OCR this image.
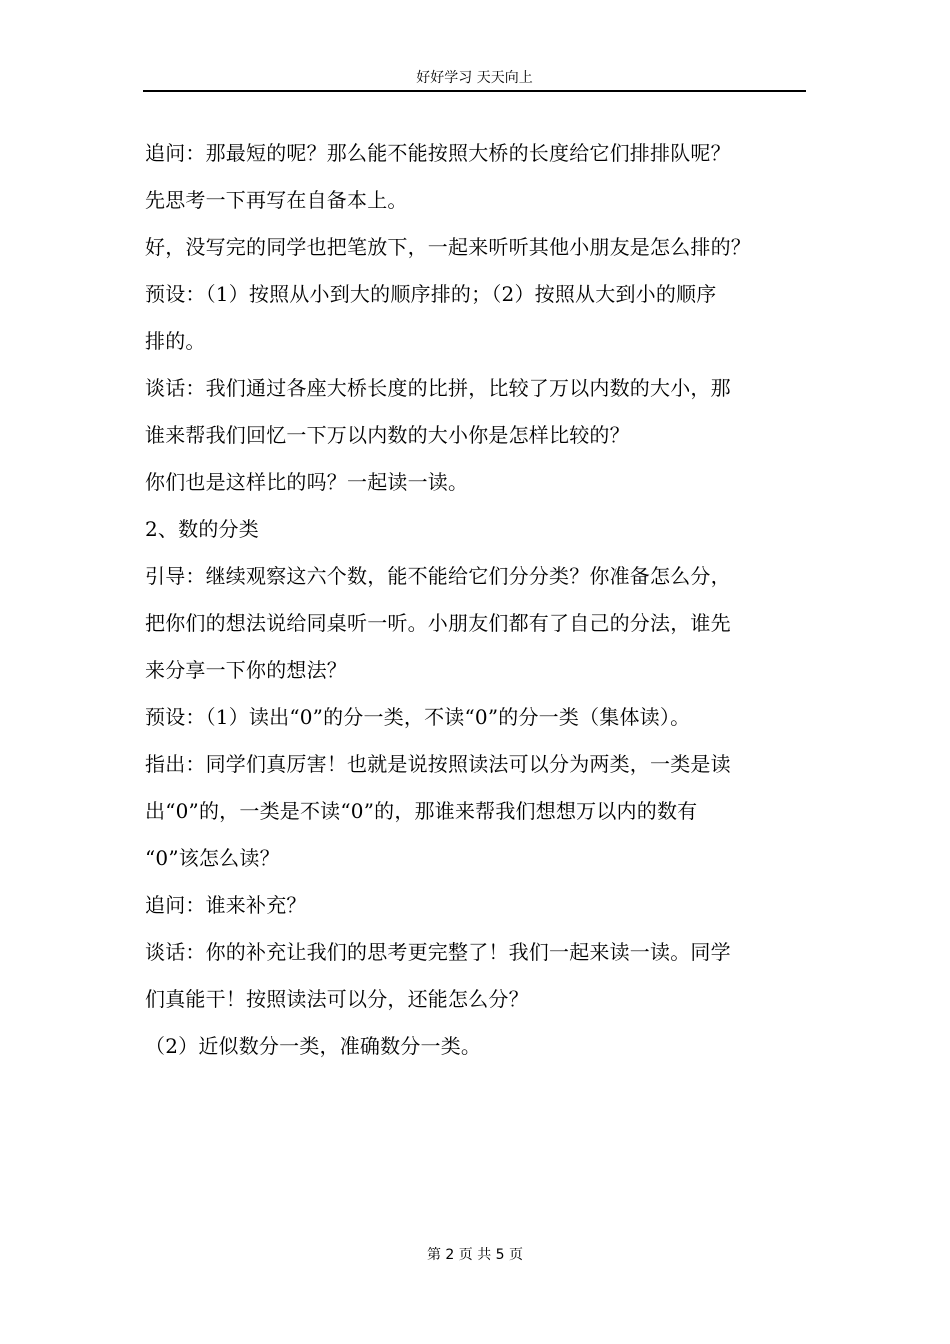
好好学习 天天向上

追问：那最短的呢？那么能不能按照大桥的长度给它们排排队呢？

先思考一下再写在自备本上。

好，没写完的同学也把笔放下，一起来听听其他小朋友是怎么排的？

预设：（1）按照从小到大的顺序排的；（2）按照从大到小的顺序

排的。

谈话：我们通过各座大桥长度的比拼，比较了万以内数的大小，那

谁来帮我们回忆一下万以内数的大小你是怎样比较的？

你们也是这样比的吗？一起读一读。

2、数的分类

引导：继续观察这六个数，能不能给它们分分类？你准备怎么分，

把你们的想法说给同桌听一听。小朋友们都有了自己的分法，谁先

来分享一下你的想法？

预设：（1）读出“0”的分一类，不读“0”的分一类（集体读）。

指出：同学们真厉害！也就是说按照读法可以分为两类，一类是读

出“0”的，一类是不读“0”的，那谁来帮我们想想万以内的数有

“0”该怎么读？

追问：谁来补充？

谈话：你的补充让我们的思考更完整了！我们一起来读一读。同学

们真能干！按照读法可以分，还能怎么分？

（2）近似数分一类，准确数分一类。

第 2 页 共 5 页
